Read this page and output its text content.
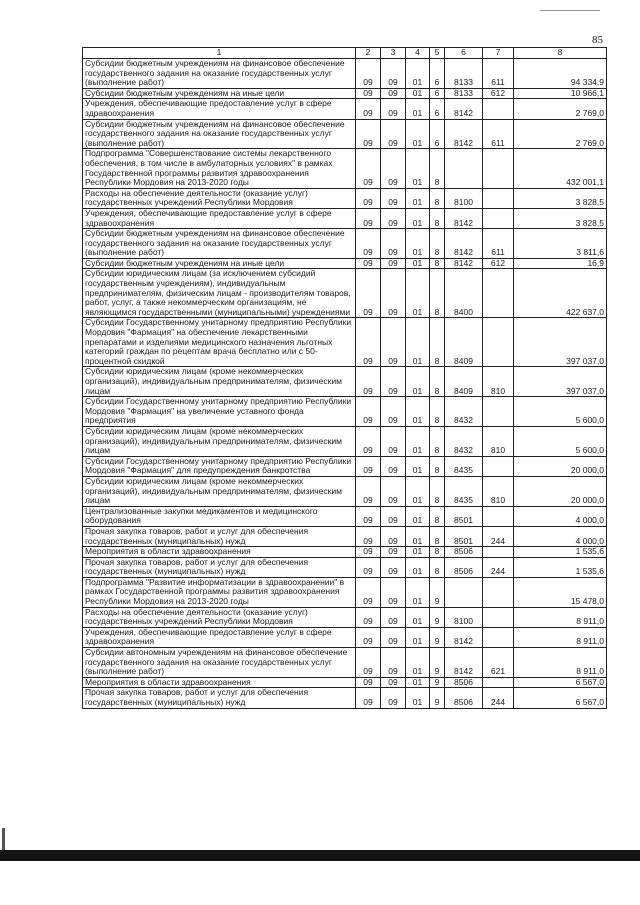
85
1	2	3	4	5	6	7	8
Субсидии бюджетным учреждениям на финансовое обеспечение государственного задания на оказание государственных услуг (выполнение работ)	09	09	01	6	8133	611	94 334,9
Субсидии бюджетным учреждениям на иные цели	09	09	01	6	8133	612	10 966,1
Учреждения, обеспечивающие предоставление услуг в сфере здравоохранения	09	09	01	6	8142		2 769,0
Субсидии бюджетным учреждениям на финансовое обеспечение государственного задания на оказание государственных услуг (выполнение работ)	09	09	01	6	8142	611	2 769,0
Подпрограмма "Совершенствование системы лекарственного обеспечения, в том числе в амбулаторных условиях" в рамках Государственной программы развития здравоохранения Республики Мордовия на 2013-2020 годы	09	09	01	8			432 001,1
Расходы на обеспечение деятельности (оказание услуг) государственных учреждений Республики Мордовия	09	09	01	8	8100		3 828,5
Учреждения, обеспечивающие предоставление услуг в сфере здравоохранения	09	09	01	8	8142		3 828,5
Субсидии бюджетным учреждениям на финансовое обеспечение государственного задания на оказание государственных услуг (выполнение работ)	09	09	01	8	8142	611	3 811,6
Субсидии бюджетным учреждениям на иные цели	09	09	01	8	8142	612	16,9
Субсидии юридическим лицам (за исключением субсидий государственным учреждениям), индивидуальным предпринимателям, физическим лицам - производителям товаров, работ, услуг, а также некоммерческим организациям, не являющимся государственными (муниципальными) учреждениями	09	09	01	8	8400		422 637,0
Субсидии Государственному унитарному предприятию Республики Мордовия "Фармация" на обеспечение лекарственными препаратами и изделиями медицинского назначения льготных категорий граждан по рецептам врача бесплатно или с 50-процентной скидкой	09	09	01	8	8409		397 037,0
Субсидии юридическим лицам (кроме некоммерческих организаций), индивидуальным предпринимателям, физическим лицам	09	09	01	8	8409	810	397 037,0
Субсидии Государственному унитарному предприятию Республики Мордовия "Фармация" на увеличение уставного фонда предприятия	09	09	01	8	8432		5 600,0
Субсидии юридическим лицам (кроме некоммерческих организаций), индивидуальным предпринимателям, физическим лицам	09	09	01	8	8432	810	5 600,0
Субсидии Государственному унитарному предприятию Республики Мордовия "Фармация" для предупреждения банкротства	09	09	01	8	8435		20 000,0
Субсидии юридическим лицам (кроме некоммерческих организаций), индивидуальным предпринимателям, физическим лицам	09	09	01	8	8435	810	20 000,0
Централизованные закупки медикаментов и медицинского оборудования	09	09	01	8	8501		4 000,0
Прочая закупка товаров, работ и услуг для обеспечения государственных (муниципальных) нужд	09	09	01	8	8501	244	4 000,0
Мероприятия в области здравоохранения	09	09	01	8	8506		1 535,6
Прочая закупка товаров, работ и услуг для обеспечения государственных (муниципальных) нужд	09	09	01	8	8506	244	1 535,6
Подпрограмма "Развитие информатизации в здравоохранении" в рамках Государственной программы развития здравоохранения Республики Мордовия на 2013-2020 годы	09	09	01	9			15 478,0
Расходы на обеспечение деятельности (оказание услуг) государственных учреждений Республики Мордовия	09	09	01	9	8100		8 911,0
Учреждения, обеспечивающие предоставление услуг в сфере здравоохранения	09	09	01	9	8142		8 911,0
Субсидии автономным учреждениям на финансовое обеспечение государственного задания на оказание государственных услуг (выполнение работ)	09	09	01	9	8142	621	8 911,0
Мероприятия в области здравоохранения	09	09	01	9	8506		6 567,0
Прочая закупка товаров, работ и услуг для обеспечения государственных (муниципальных) нужд	09	09	01	9	8506	244	6 567,0
